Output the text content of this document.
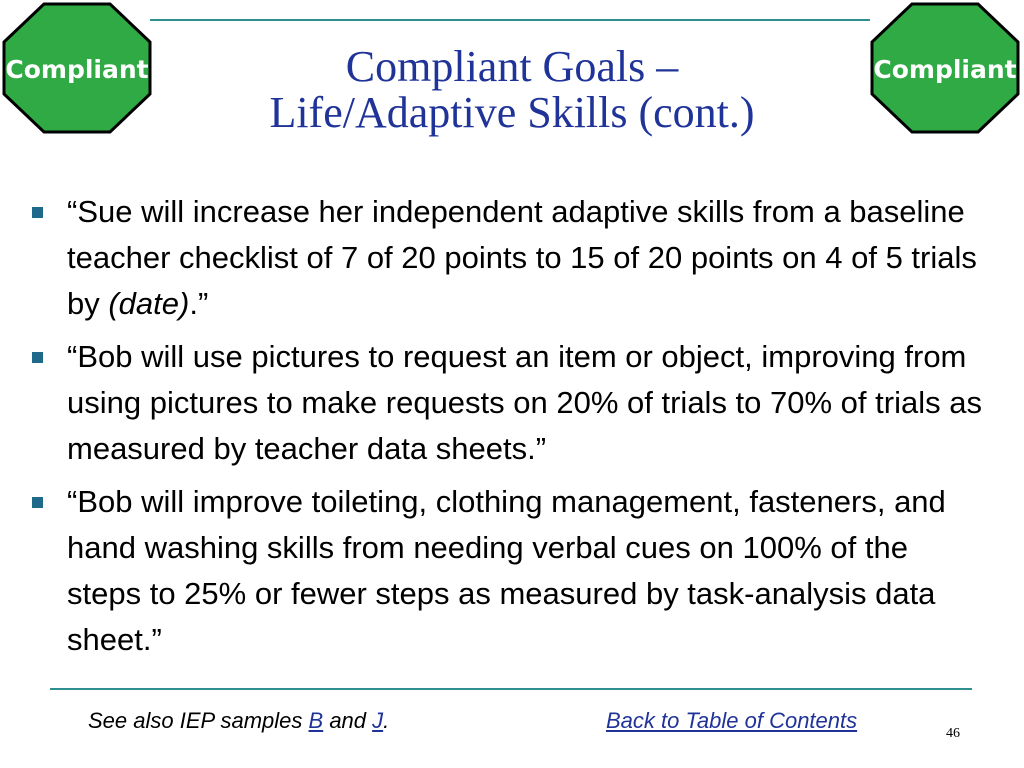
Compliant	Compliant
Compliant Goals –
Life/Adaptive Skills (cont.)
“Sue will increase her independent adaptive skills from a baseline teacher checklist of 7 of 20 points to 15 of 20 points on 4 of 5 trials by (date).”
“Bob will use pictures to request an item or object, improving from using pictures to make requests on 20% of trials to 70% of trials as measured by teacher data sheets.”
“Bob will improve toileting, clothing management, fasteners, and hand washing skills from needing verbal cues on 100% of the steps to 25% or fewer steps as measured by task-analysis data sheet.”
See also IEP samples B and J.	Back to Table of Contents
46
